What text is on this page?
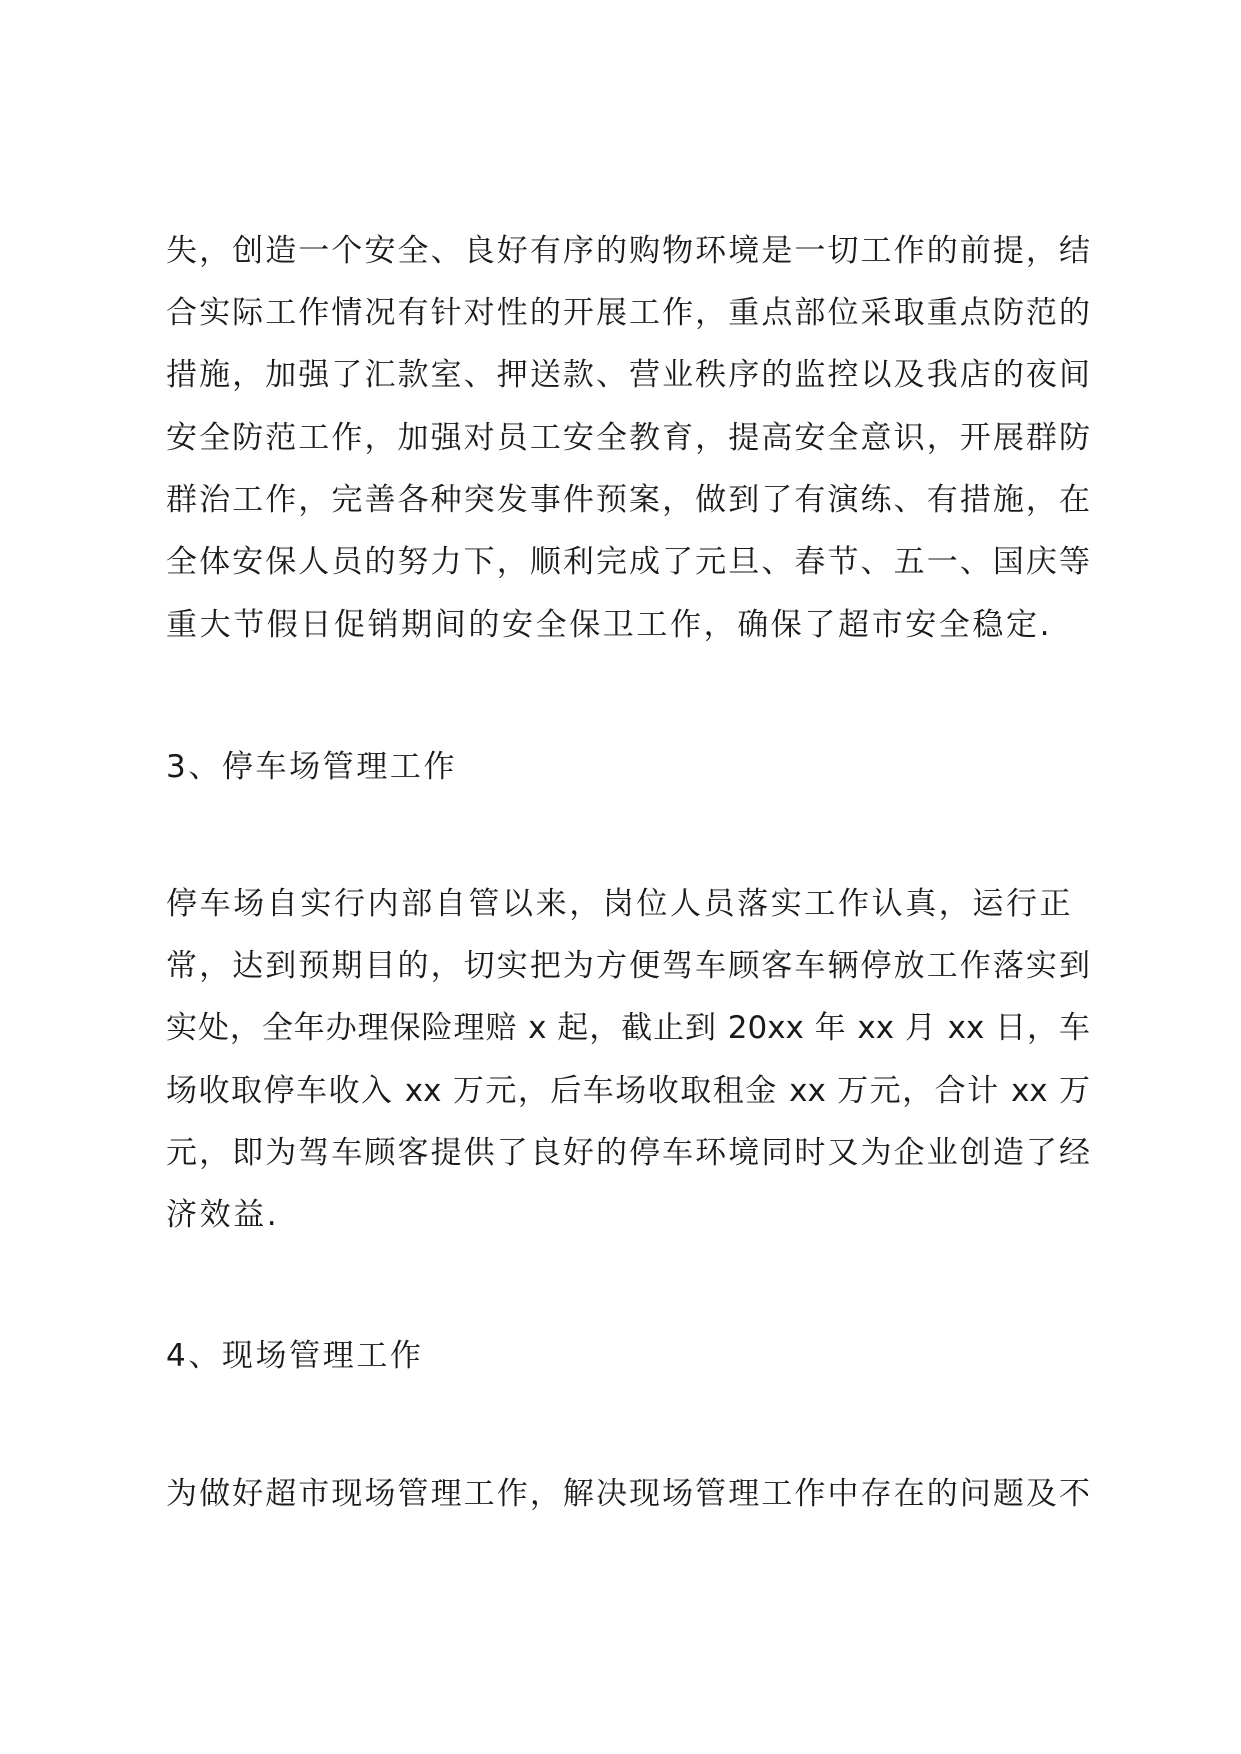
失，创造一个安全、良好有序的购物环境是一切工作的前提，结
合实际工作情况有针对性的开展工作，重点部位采取重点防范的
措施，加强了汇款室、押送款、营业秩序的监控以及我店的夜间
安全防范工作，加强对员工安全教育，提高安全意识，开展群防
群治工作，完善各种突发事件预案，做到了有演练、有措施，在
全体安保人员的努力下，顺利完成了元旦、春节、五一、国庆等
重大节假日促销期间的安全保卫工作，确保了超市安全稳定.
3、停车场管理工作
停车场自实行内部自管以来，岗位人员落实工作认真，运行正
常，达到预期目的，切实把为方便驾车顾客车辆停放工作落实到
实处，全年办理保险理赔 x 起，截止到 20xx 年 xx 月 xx 日，车
场收取停车收入 xx 万元，后车场收取租金 xx 万元，合计 xx 万
元，即为驾车顾客提供了良好的停车环境同时又为企业创造了经
济效益.
4、现场管理工作
为做好超市现场管理工作，解决现场管理工作中存在的问题及不
